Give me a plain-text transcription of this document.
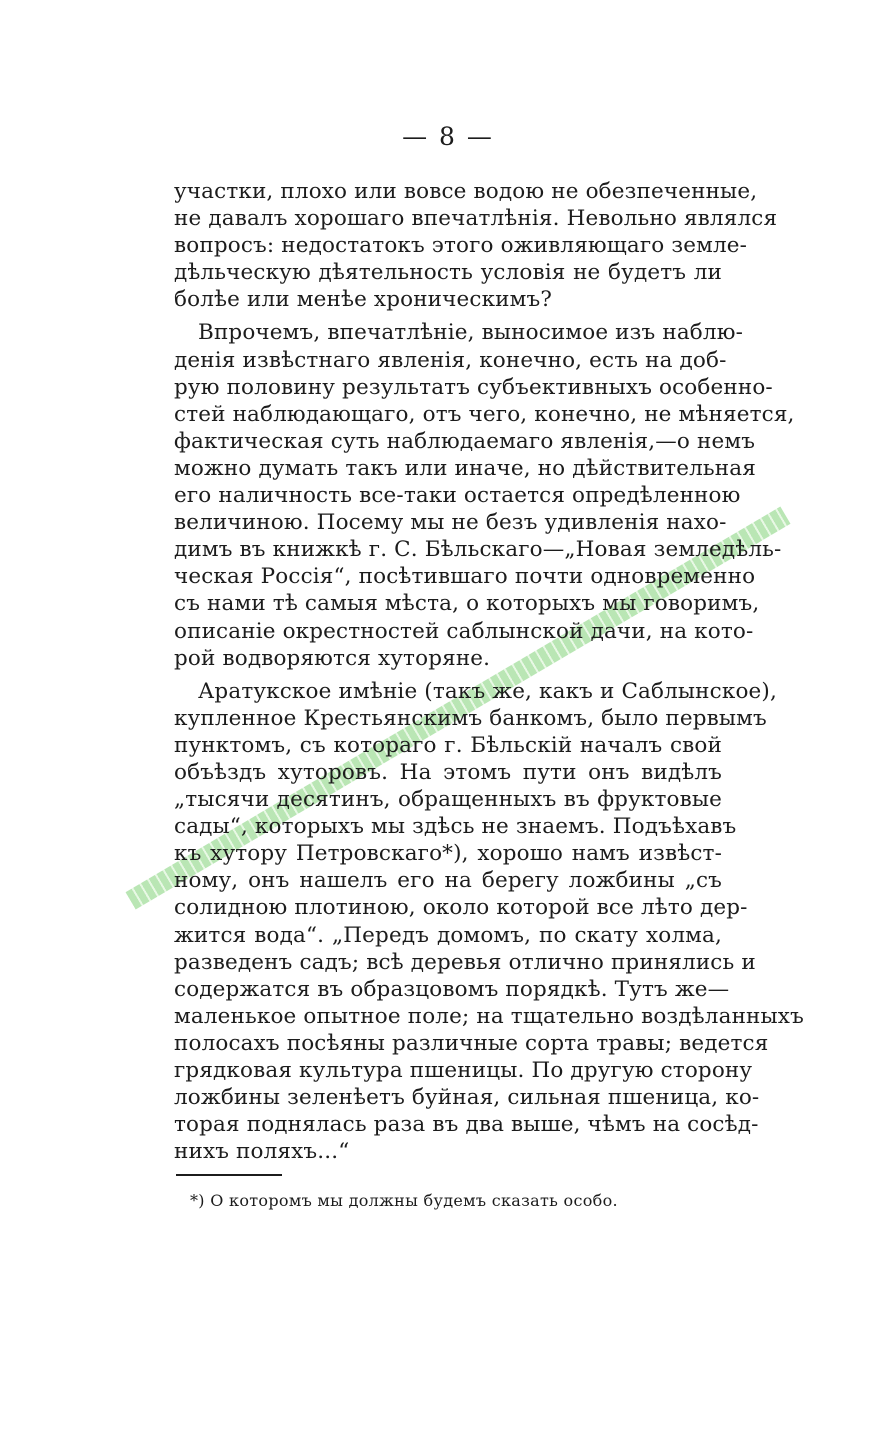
— 8 —
участки, плохо или вовсе водою не обезпеченные,
не давалъ хорошаго впечатлѣнія. Невольно являлся
вопросъ: недостатокъ этого оживляющаго земле-
дѣльческую дѣятельность условія не будетъ ли
болѣе или менѣе хроническимъ?
Впрочемъ, впечатлѣніе, выносимое изъ наблю-
денія извѣстнаго явленія, конечно, есть на доб-
рую половину результатъ субъективныхъ особенно-
стей наблюдающаго, отъ чего, конечно, не мѣняется,
фактическая суть наблюдаемаго явленія,—о немъ
можно думать такъ или иначе, но дѣйствительная
его наличность все-таки остается опредѣленною
величиною. Посему мы не безъ удивленія нахо-
димъ въ книжкѣ г. С. Бѣльскаго—„Новая земледѣль-
ческая Россія“, посѣтившаго почти одновременно
съ нами тѣ самыя мѣста, о которыхъ мы говоримъ,
описаніе окрестностей саблынской дачи, на кото-
рой водворяются хуторяне.
Аратукское имѣніе (такъ же, какъ и Саблынское),
купленное Крестьянскимъ банкомъ, было первымъ
пунктомъ, съ котораго г. Бѣльскій началъ свой
объѣздъ хуторовъ. На этомъ пути онъ видѣлъ
„тысячи десятинъ, обращенныхъ въ фруктовые
сады“, которыхъ мы здѣсь не знаемъ. Подъѣхавъ
къ хутору Петровскаго*), хорошо намъ извѣст-
ному, онъ нашелъ его на берегу ложбины „съ
солидною плотиною, около которой все лѣто дер-
жится вода“. „Передъ домомъ, по скату холма,
разведенъ садъ; всѣ деревья отлично принялись и
содержатся въ образцовомъ порядкѣ. Тутъ же—
маленькое опытное поле; на тщательно воздѣланныхъ
полосахъ посѣяны различные сорта травы; ведется
грядковая культура пшеницы. По другую сторону
ложбины зеленѣетъ буйная, сильная пшеница, ко-
торая поднялась раза въ два выше, чѣмъ на сосѣд-
нихъ поляхъ...“
*) О которомъ мы должны будемъ сказать особо.
